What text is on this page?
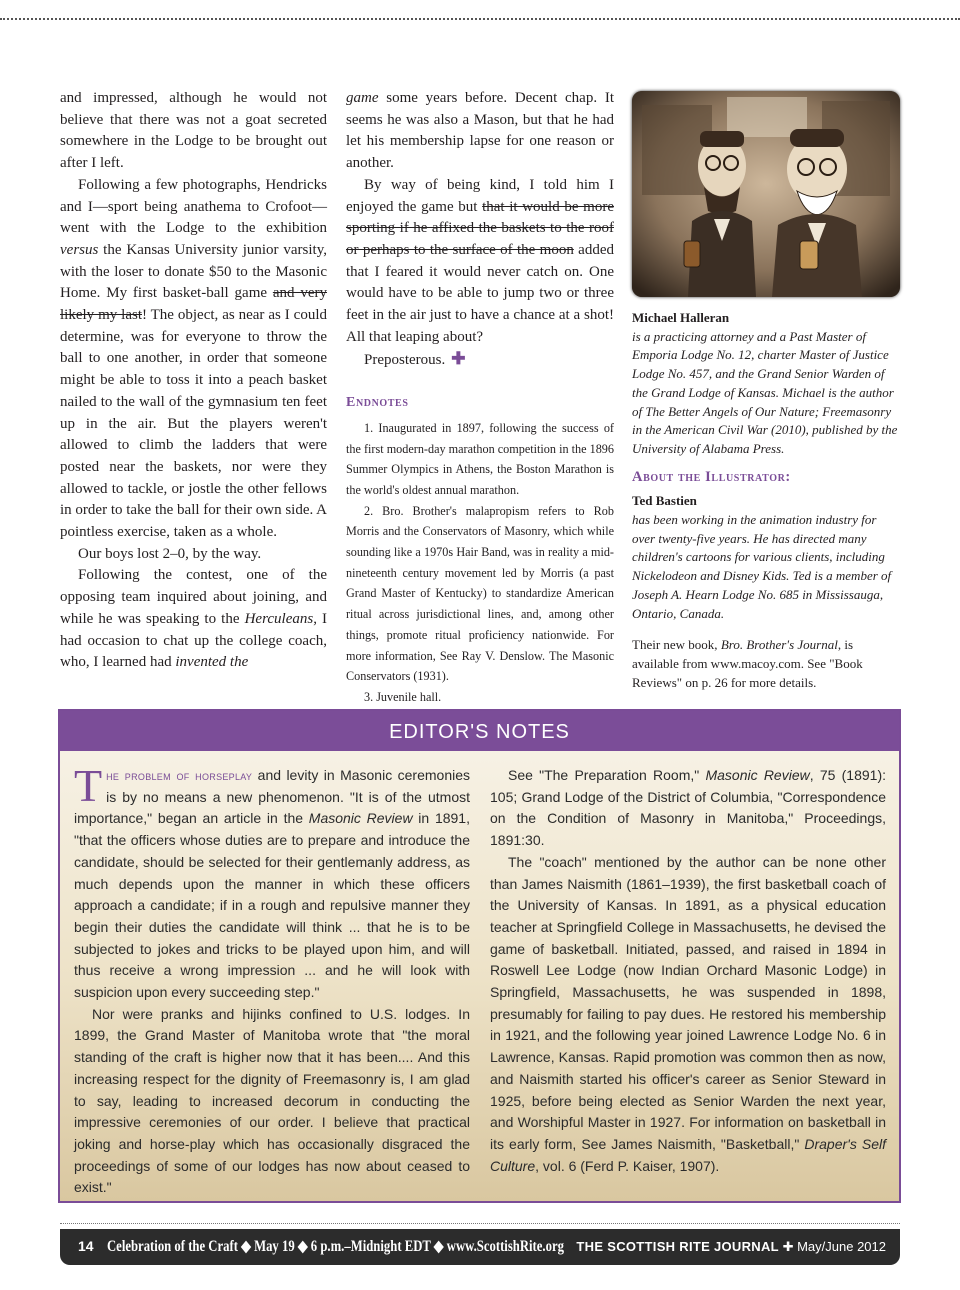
and impressed, although he would not believe that there was not a goat secreted somewhere in the Lodge to be brought out after I left.

Following a few photographs, Hendricks and I—sport being anathema to Crofoot—went with the Lodge to the exhibition versus the Kansas University junior varsity, with the loser to donate $50 to the Masonic Home. My first basket-ball game and very likely my last! The object, as near as I could determine, was for everyone to throw the ball to one another, in order that someone might be able to toss it into a peach basket nailed to the wall of the gymnasium ten feet up in the air. But the players weren't allowed to climb the ladders that were posted near the baskets, nor were they allowed to tackle, or jostle the other fellows in order to take the ball for their own side. A pointless exercise, taken as a whole.

Our boys lost 2–0, by the way.

Following the contest, one of the opposing team inquired about joining, and while he was speaking to the Herculeans, I had occasion to chat up the college coach, who, I learned had invented the

game some years before. Decent chap. It seems he was also a Mason, but that he had let his membership lapse for one reason or another.

By way of being kind, I told him I enjoyed the game but that it would be more sporting if he affixed the baskets to the roof or perhaps to the surface of the moon added that I feared it would never catch on. One would have to be able to jump two or three feet in the air just to have a chance at a shot! All that leaping about?

Preposterous. ✚

Endnotes

1. Inaugurated in 1897, following the success of the first modern-day marathon competition in the 1896 Summer Olympics in Athens, the Boston Marathon is the world's oldest annual marathon.

2. Bro. Brother's malapropism refers to Rob Morris and the Conservators of Masonry, which while sounding like a 1970s Hair Band, was in reality a mid-nineteenth century movement led by Morris (a past Grand Master of Kentucky) to standardize American ritual across jurisdictional lines, and, among other things, promote ritual proficiency nationwide. For more information, See Ray V. Denslow. The Masonic Conservators (1931).

3. Juvenile hall.

Michael Halleran
is a practicing attorney and a Past Master of Emporia Lodge No. 12, charter Master of Justice Lodge No. 457, and the Grand Senior Warden of the Grand Lodge of Kansas. Michael is the author of The Better Angels of Our Nature; Freemasonry in the American Civil War (2010), published by the University of Alabama Press.
About the Illustrator:
Ted Bastien
has been working in the animation industry for over twenty-five years. He has directed many children's cartoons for various clients, including Nickelodeon and Disney Kids. Ted is a member of Joseph A. Hearn Lodge No. 685 in Mississauga, Ontario, Canada.
Their new book, Bro. Brother's Journal, is available from www.macoy.com. See "Book Reviews" on p. 26 for more details.
EDITOR'S NOTES

The problem of horseplay and levity in Masonic ceremonies is by no means a new phenomenon. "It is of the utmost importance," began an article in the Masonic Review in 1891, "that the officers whose duties are to prepare and introduce the candidate, should be selected for their gentlemanly address, as much depends upon the manner in which these officers approach a candidate; if in a rough and repulsive manner they begin their duties the candidate will think ... that he is to be subjected to jokes and tricks to be played upon him, and will thus receive a wrong impression ... and he will look with suspicion upon every succeeding step."

Nor were pranks and hijinks confined to U.S. lodges. In 1899, the Grand Master of Manitoba wrote that "the moral standing of the craft is higher now that it has been.... And this increasing respect for the dignity of Freemasonry is, I am glad to say, leading to increased decorum in conducting the impressive ceremonies of our order. I believe that practical joking and horse-play which has occasionally disgraced the proceedings of some of our lodges has now about ceased to exist."

See "The Preparation Room," Masonic Review, 75 (1891): 105; Grand Lodge of the District of Columbia, "Correspondence on the Condition of Masonry in Manitoba," Proceedings, 1891:30.

The "coach" mentioned by the author can be none other than James Naismith (1861–1939), the first basketball coach of the University of Kansas. In 1891, as a physical education teacher at Springfield College in Massachusetts, he devised the game of basketball. Initiated, passed, and raised in 1894 in Roswell Lee Lodge (now Indian Orchard Masonic Lodge) in Springfield, Massachusetts, he was suspended in 1898, presumably for failing to pay dues. He restored his membership in 1921, and the following year joined Lawrence Lodge No. 6 in Lawrence, Kansas. Rapid promotion was common then as now, and Naismith started his officer's career as Senior Steward in 1925, before being elected as Senior Warden the next year, and Worshipful Master in 1927. For information on basketball in its early form, See James Naismith, "Basketball," Draper's Self Culture, vol. 6 (Ferd P. Kaiser, 1907).

14 Celebration of the Craft ◆ May 19 ◆ 6 p.m.–Midnight EDT ◆ www.ScottishRite.org THE SCOTTISH RITE JOURNAL ✚ May/June 2012
